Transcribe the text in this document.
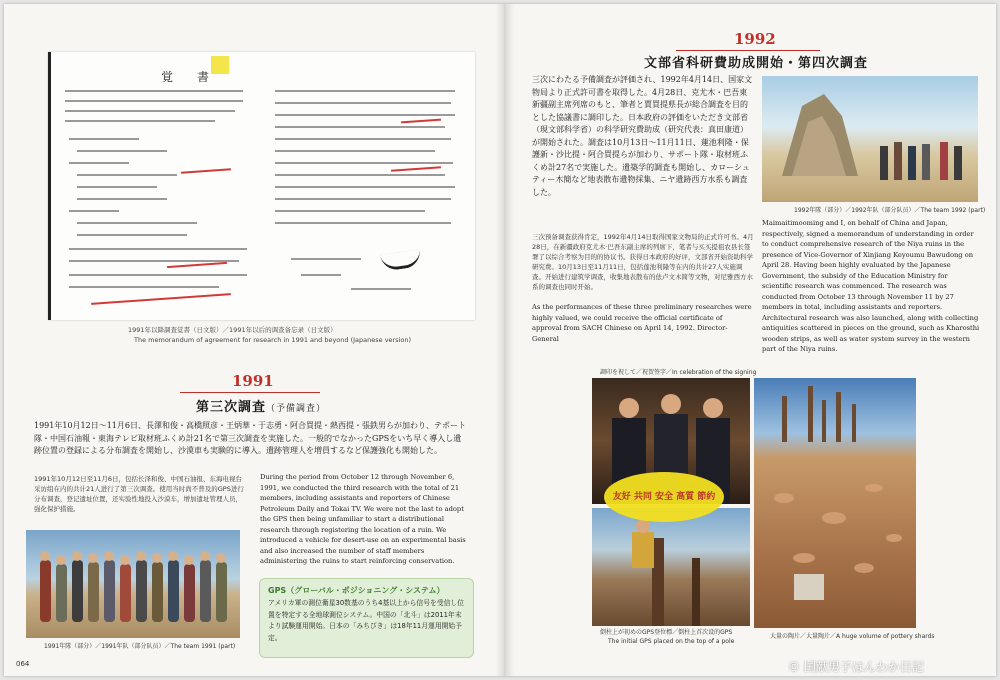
覚　書
1991年以降調査覚書（日文版）／1991年以后的调查备忘录（日文版）
The memorandum of agreement for research in 1991 and beyond (Japanese version)
1991
第三次調査（予備調査）
1991年10月12日～11月6日、長澤和俊・高橋照彦・王炳華・于志勇・阿合買提・熱西提・張鉄男らが加わり、テポート隊・中国石油報・東海テレビ取材班ふくめ計21名で第三次調査を実施した。一般的でなかったGPSをいち早く導入し遺跡位置の登録による分布調査を開始し、沙漠車も実験的に導入。遺跡管理人を増員するなど保護強化も開始した。
1991年10月12日至11月6日，包括长泽和俊、中国石油报、东海电视台采访组在内的共计21人进行了第三次调查。使用当时尚不普及的GPS进行分布调查，登记遗址位置，还实验性地投入沙漠车，增加遗址管理人员，强化保护措施。
During the period from October 12 through November 6, 1991, we conducted the third research with the total of 21 members, including assistants and reporters of Chinese Petroleum Daily and Tokai TV. We were not the last to adopt the GPS then being unfamiliar to start a distributional research through registering the location of a ruin. We introduced a vehicle for desert-use on an experimental basis and also increased the number of staff members administering the ruins to start reinforcing conservation.
1991年隊（部分）／1991年队（部分队员）／The team 1991 (part)
GPS（グローバル・ポジショニング・システム）
アメリカ軍の測位衛星30数基のうち4基以上から信号を受信し位置を特定する全地球測位システム。中国の「北斗」は2011年末より試験運用開始。日本の「みちびき」は18年11月運用開始予定。
064
1992
文部省科研費助成開始・第四次調査
三次にわたる予備調査が評価され、1992年4月14日、国家文物局より正式許可書を取得した。4月28日、克尤木・巴吾東新疆副主席列席のもと、筆者と賈買提県長が総合調査を目的とした協議書に調印した。日本政府の評価をいただき文部省（現文部科学省）の科学研究費助成（研究代表：真田康道）が開始された。調査は10月13日～11月11日、蓮池利隆・保護新・沙比提・阿合買提らが加わり、サポート隊・取材班ふくめ計27名で実施した。遺築学的調査も開始し、カローシュティー木簡など地表散布遺物採集、ニヤ遺跡西方水系も調査した。
三次预备调查获得肯定，1992年4月14日取得国家文物局的正式许可书。4月28日，在新疆政府克尤木·巴吾东副主席的列席下，笔者与买买提祖农县长签署了以综合考察为目的的协议书。获得日本政府的好评，文部省开始资助科学研究费。10月13日至11月11日，包括莲池利隆等在内的共计27人实施调查。开始进行建筑学调查，收集地表散布的佉卢文木简等文物，对尼雅西方水系的调查也同时开始。
As the performances of these three preliminary researches were highly valued, we could receive the official certificate of approval from SACH Chinese on April 14, 1992. Director-General
1992年隊（部分）／1992年队（部分队员）／The team 1992 (part)
Maimaitimooming and I, on behalf of China and Japan, respectively, signed a memorandum of understanding in order to conduct comprehensive research of the Niya ruins in the presence of Vice-Governor of Xinjiang Keyoumu Bawudong on April 28. Having been highly evaluated by the Japanese Government, the subsidy of the Education Ministry for scientific research was commenced. The research was conducted from October 13 through November 11 by 27 members in total, including assistants and reporters. Architectural research was also launched, along with collecting antiquities scattered in pieces on the ground, such as Kharosthi wooden strips, as well as water system survey in the western part of the Niya ruins.
調印を祝して／祝贺签字／In celebration of the signing
大量の陶片／大量陶片／A huge volume of pottery shards
倒柱上が初めのGPS登位標／倒柱上首次设的GPS
The initial GPS placed on the top of a pole
友好 共同 安全 高質 節約
© 国献男子ほんわか日記
